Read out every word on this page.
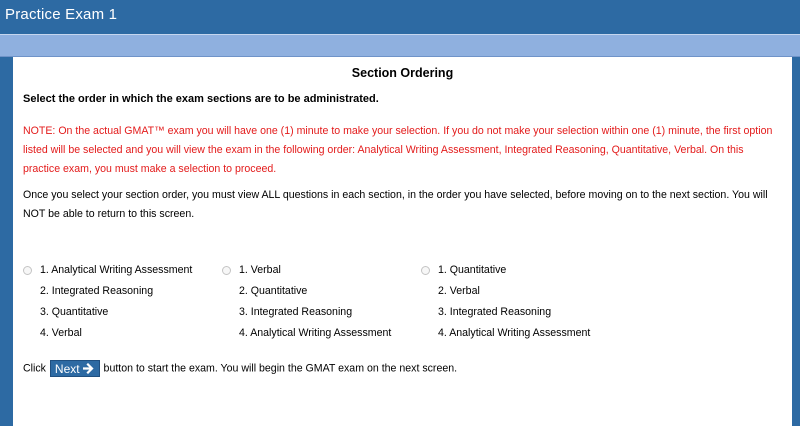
Practice Exam 1
Section Ordering
Select the order in which the exam sections are to be administrated.
NOTE: On the actual GMAT™ exam you will have one (1) minute to make your selection. If you do not make your selection within one (1) minute, the first option listed will be selected and you will view the exam in the following order: Analytical Writing Assessment, Integrated Reasoning, Quantitative, Verbal. On this practice exam, you must make a selection to proceed.
Once you select your section order, you must view ALL questions in each section, in the order you have selected, before moving on to the next section. You will NOT be able to return to this screen.
1. Analytical Writing Assessment
2. Integrated Reasoning
3. Quantitative
4. Verbal
1. Verbal
2. Quantitative
3. Integrated Reasoning
4. Analytical Writing Assessment
1. Quantitative
2. Verbal
3. Integrated Reasoning
4. Analytical Writing Assessment
Click Next button to start the exam. You will begin the GMAT exam on the next screen.
